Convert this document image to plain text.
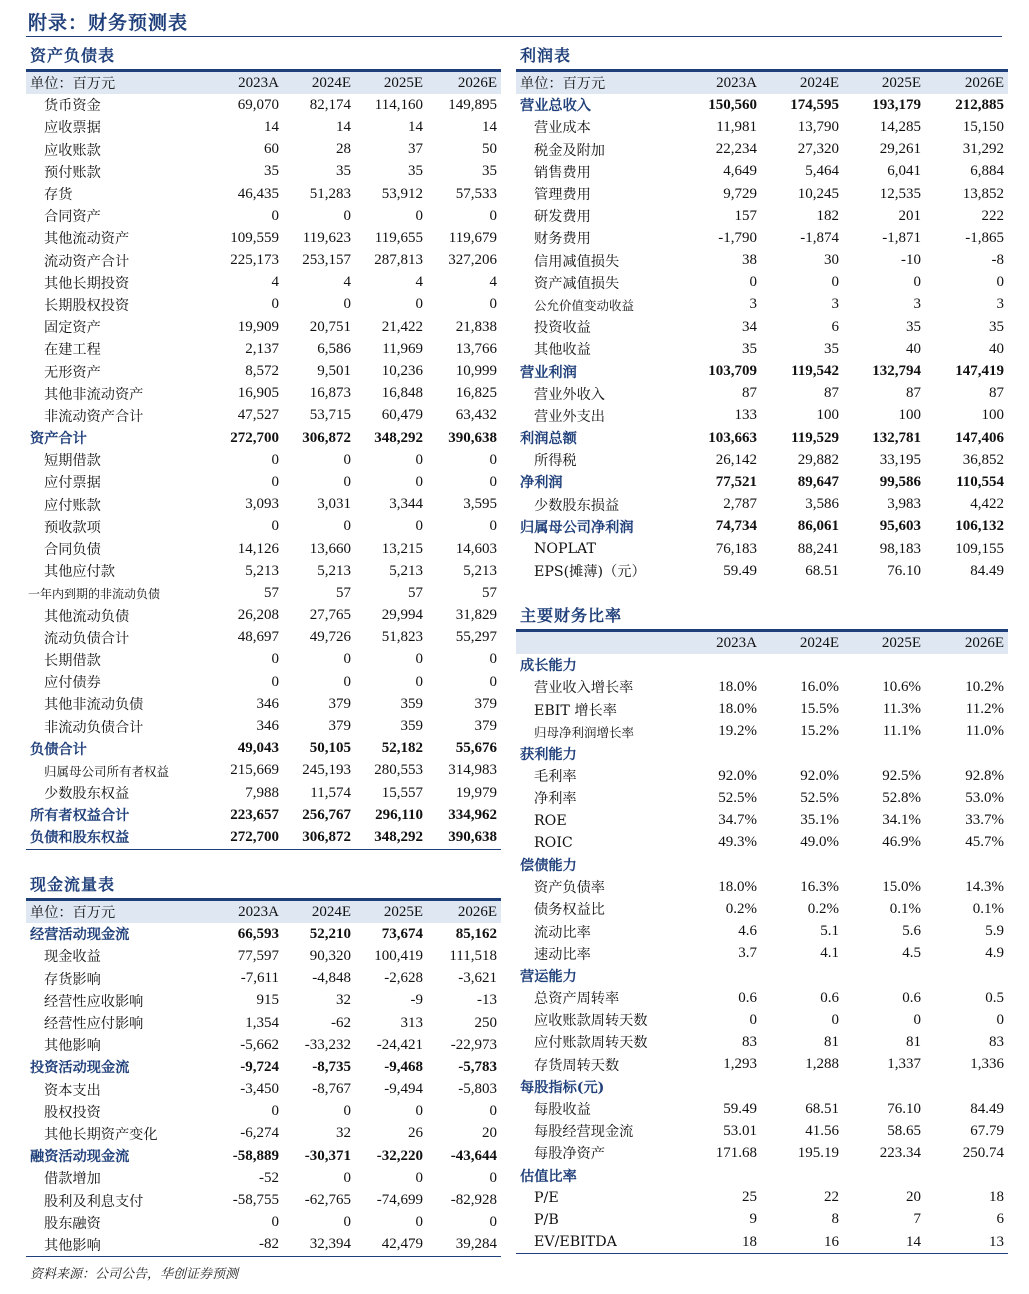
附录：财务预测表
资产负债表
单位：百万元	2023A	2024E	2025E	2026E
货币资金	69,070	82,174	114,160	149,895
应收票据	14	14	14	14
应收账款	60	28	37	50
预付账款	35	35	35	35
存货	46,435	51,283	53,912	57,533
合同资产	0	0	0	0
其他流动资产	109,559	119,623	119,655	119,679
流动资产合计	225,173	253,157	287,813	327,206
其他长期投资	4	4	4	4
长期股权投资	0	0	0	0
固定资产	19,909	20,751	21,422	21,838
在建工程	2,137	6,586	11,969	13,766
无形资产	8,572	9,501	10,236	10,999
其他非流动资产	16,905	16,873	16,848	16,825
非流动资产合计	47,527	53,715	60,479	63,432
资产合计	272,700	306,872	348,292	390,638
短期借款	0	0	0	0
应付票据	0	0	0	0
应付账款	3,093	3,031	3,344	3,595
预收款项	0	0	0	0
合同负债	14,126	13,660	13,215	14,603
其他应付款	5,213	5,213	5,213	5,213
一年内到期的非流动负债	57	57	57	57
其他流动负债	26,208	27,765	29,994	31,829
流动负债合计	48,697	49,726	51,823	55,297
长期借款	0	0	0	0
应付债券	0	0	0	0
其他非流动负债	346	379	359	379
非流动负债合计	346	379	359	379
负债合计	49,043	50,105	52,182	55,676
归属母公司所有者权益	215,669	245,193	280,553	314,983
少数股东权益	7,988	11,574	15,557	19,979
所有者权益合计	223,657	256,767	296,110	334,962
负债和股东权益	272,700	306,872	348,292	390,638
现金流量表
单位：百万元	2023A	2024E	2025E	2026E
经营活动现金流	66,593	52,210	73,674	85,162
现金收益	77,597	90,320	100,419	111,518
存货影响	-7,611	-4,848	-2,628	-3,621
经营性应收影响	915	32	-9	-13
经营性应付影响	1,354	-62	313	250
其他影响	-5,662	-33,232	-24,421	-22,973
投资活动现金流	-9,724	-8,735	-9,468	-5,783
资本支出	-3,450	-8,767	-9,494	-5,803
股权投资	0	0	0	0
其他长期资产变化	-6,274	32	26	20
融资活动现金流	-58,889	-30,371	-32,220	-43,644
借款增加	-52	0	0	0
股利及利息支付	-58,755	-62,765	-74,699	-82,928
股东融资	0	0	0	0
其他影响	-82	32,394	42,479	39,284
利润表
单位：百万元	2023A	2024E	2025E	2026E
营业总收入	150,560	174,595	193,179	212,885
营业成本	11,981	13,790	14,285	15,150
税金及附加	22,234	27,320	29,261	31,292
销售费用	4,649	5,464	6,041	6,884
管理费用	9,729	10,245	12,535	13,852
研发费用	157	182	201	222
财务费用	-1,790	-1,874	-1,871	-1,865
信用减值损失	38	30	-10	-8
资产减值损失	0	0	0	0
公允价值变动收益	3	3	3	3
投资收益	34	6	35	35
其他收益	35	35	40	40
营业利润	103,709	119,542	132,794	147,419
营业外收入	87	87	87	87
营业外支出	133	100	100	100
利润总额	103,663	119,529	132,781	147,406
所得税	26,142	29,882	33,195	36,852
净利润	77,521	89,647	99,586	110,554
少数股东损益	2,787	3,586	3,983	4,422
归属母公司净利润	74,734	86,061	95,603	106,132
NOPLAT	76,183	88,241	98,183	109,155
EPS(摊薄)（元）	59.49	68.51	76.10	84.49
主要财务比率
	2023A	2024E	2025E	2026E
成长能力				
营业收入增长率	18.0%	16.0%	10.6%	10.2%
EBIT 增长率	18.0%	15.5%	11.3%	11.2%
归母净利润增长率	19.2%	15.2%	11.1%	11.0%
获利能力				
毛利率	92.0%	92.0%	92.5%	92.8%
净利率	52.5%	52.5%	52.8%	53.0%
ROE	34.7%	35.1%	34.1%	33.7%
ROIC	49.3%	49.0%	46.9%	45.7%
偿债能力				
资产负债率	18.0%	16.3%	15.0%	14.3%
债务权益比	0.2%	0.2%	0.1%	0.1%
流动比率	4.6	5.1	5.6	5.9
速动比率	3.7	4.1	4.5	4.9
营运能力				
总资产周转率	0.6	0.6	0.6	0.5
应收账款周转天数	0	0	0	0
应付账款周转天数	83	81	81	83
存货周转天数	1,293	1,288	1,337	1,336
每股指标(元)				
每股收益	59.49	68.51	76.10	84.49
每股经营现金流	53.01	41.56	58.65	67.79
每股净资产	171.68	195.19	223.34	250.74
估值比率				
P/E	25	22	20	18
P/B	9	8	7	6
EV/EBITDA	18	16	14	13
资料来源：公司公告，华创证券预测
